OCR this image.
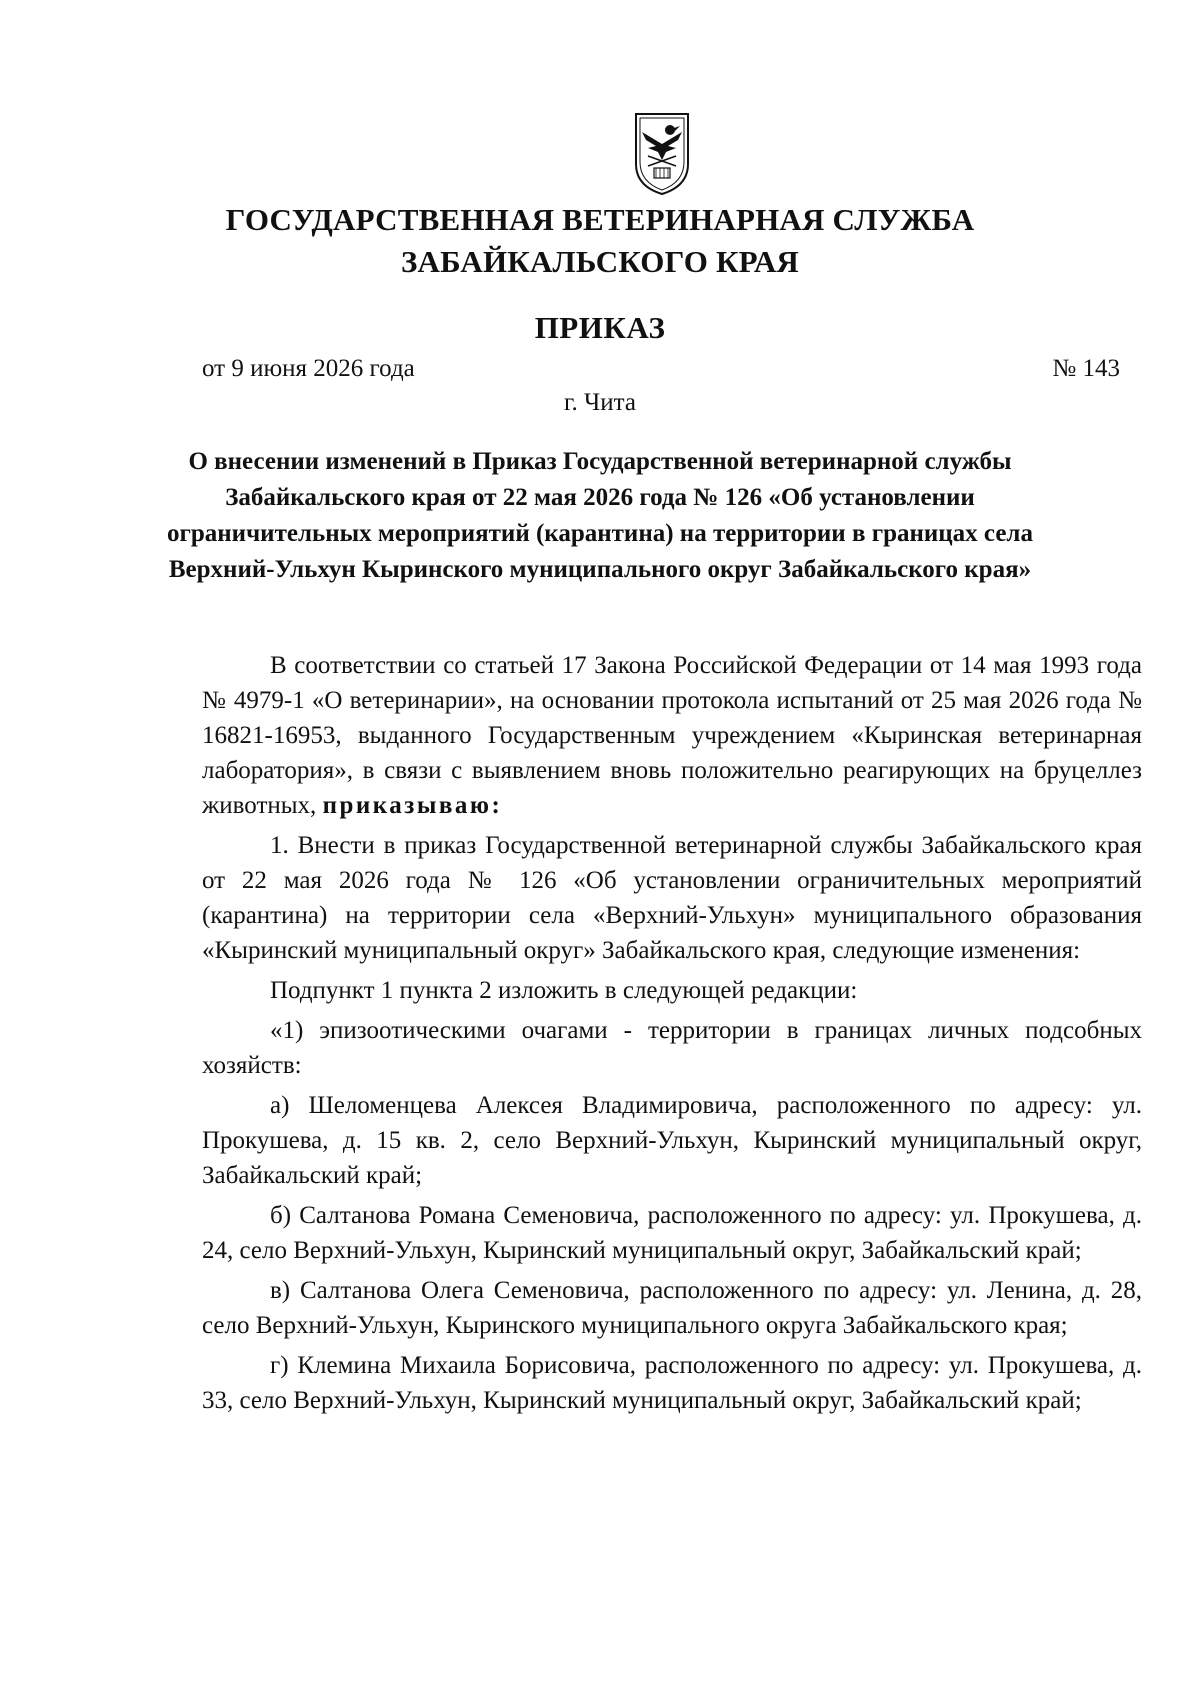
ГОСУДАРСТВЕННАЯ ВЕТЕРИНАРНАЯ СЛУЖБА
ЗАБАЙКАЛЬСКОГО КРАЯ
ПРИКАЗ
от 9 июня 2026 года	№ 143
г. Чита
О внесении изменений в Приказ Государственной ветеринарной службы Забайкальского края от 22 мая 2026 года № 126 «Об установлении ограничительных мероприятий (карантина) на территории в границах села Верхний-Ульхун Кыринского муниципального округ Забайкальского края»

В соответствии со статьей 17 Закона Российской Федерации от 14 мая 1993 года № 4979-1 «О ветеринарии», на основании протокола испытаний от 25 мая 2026 года № 16821-16953, выданного Государственным учреждением «Кыринская ветеринарная лаборатория», в связи с выявлением вновь положительно реагирующих на бруцеллез животных, приказываю:

1. Внести в приказ Государственной ветеринарной службы Забайкальского края от 22 мая 2026 года № 126 «Об установлении ограничительных мероприятий (карантина) на территории села «Верхний-Ульхун» муниципального образования «Кыринский муниципальный округ» Забайкальского края, следующие изменения:

Подпункт 1 пункта 2 изложить в следующей редакции:

«1) эпизоотическими очагами - территории в границах личных подсобных хозяйств:

а) Шеломенцева Алексея Владимировича, расположенного по адресу: ул. Прокушева, д. 15 кв. 2, село Верхний-Ульхун, Кыринский муниципальный округ, Забайкальский край;

б) Салтанова Романа Семеновича, расположенного по адресу: ул. Прокушева, д. 24, село Верхний-Ульхун, Кыринский муниципальный округ, Забайкальский край;

в) Салтанова Олега Семеновича, расположенного по адресу: ул. Ленина, д. 28, село Верхний-Ульхун, Кыринского муниципального округа Забайкальского края;

г) Клемина Михаила Борисовича, расположенного по адресу: ул. Прокушева, д. 33, село Верхний-Ульхун, Кыринский муниципальный округ, Забайкальский край;
